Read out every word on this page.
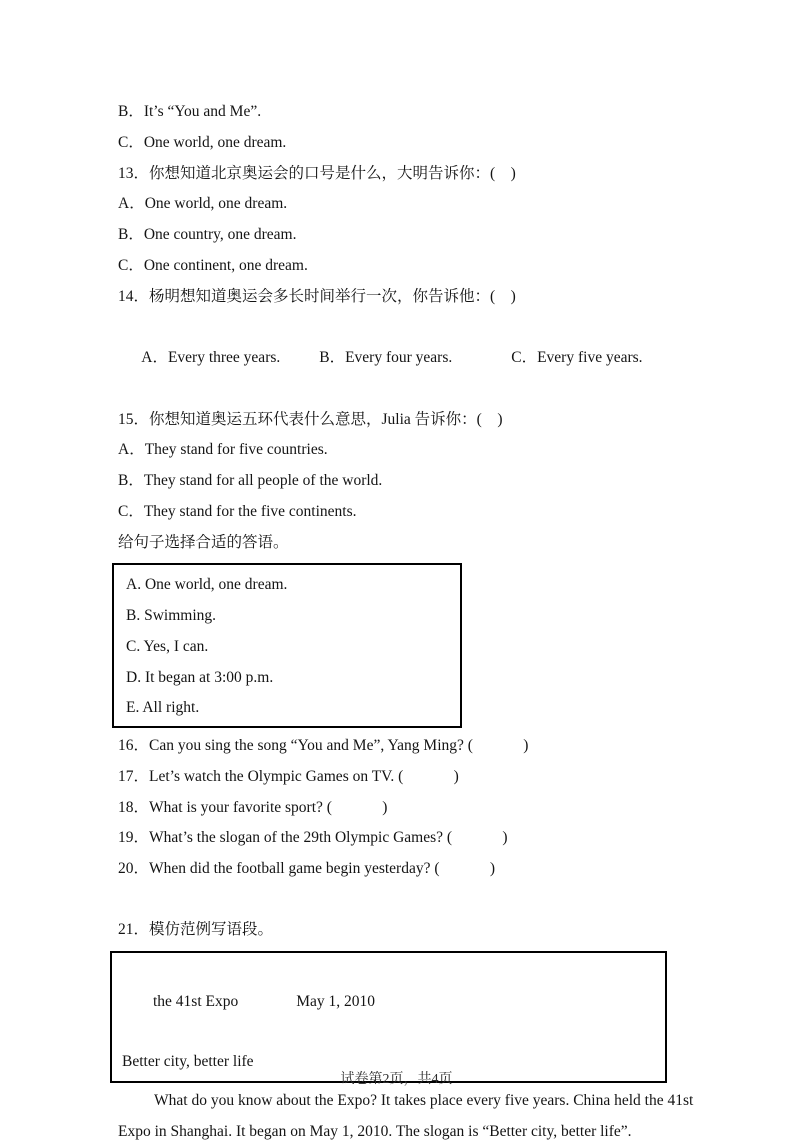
B．It’s “You and Me”.
C．One world, one dream.
13．你想知道北京奥运会的口号是什么，大明告诉你：(    )
A．One world, one dream.
B．One country, one dream.
C．One continent, one dream.
14．杨明想知道奥运会多长时间举行一次，你告诉他：(    )

A．Every three years.	B．Every four years.	C．Every five years.

15．你想知道奥运五环代表什么意思，Julia 告诉你：(    )
A．They stand for five countries.
B．They stand for all people of the world.
C．They stand for the five continents.
给句子选择合适的答语。
A. One world, one dream.
B. Swimming.
C. Yes, I can.
D. It began at 3:00 p.m.
E. All right.
16．Can you sing the song “You and Me”, Yang Ming? (             )
17．Let’s watch the Olympic Games on TV. (             )
18．What is your favorite sport? (             )
19．What’s the slogan of the 29th Olympic Games? (             )
20．When did the football game begin yesterday? (             )
21．模仿范例写语段。

the 41st Expo	May 1, 2010

Better city, better life
What do you know about the Expo? It takes place every five years. China held the 41st
Expo in Shanghai. It began on May 1, 2010. The slogan is “Better city, better life”.
试卷第2页，共4页
